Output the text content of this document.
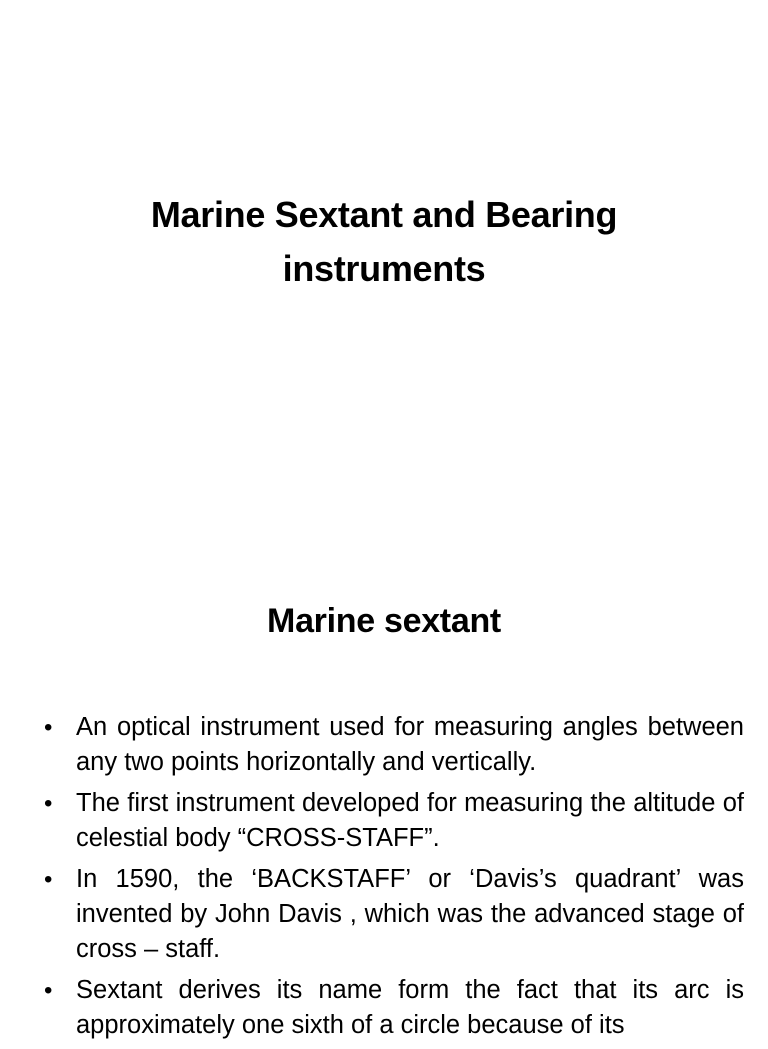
Marine Sextant and Bearing
instruments
Marine sextant
• An optical instrument used for measuring angles between any two points horizontally and vertically.
• The first instrument developed for measuring the altitude of celestial body “CROSS-STAFF”.
• In 1590, the ‘BACKSTAFF’ or ‘Davis’s quadrant’ was invented by John Davis , which was the advanced stage of cross – staff.
• Sextant derives its name form the fact that its arc is approximately one sixth of a circle because of its
